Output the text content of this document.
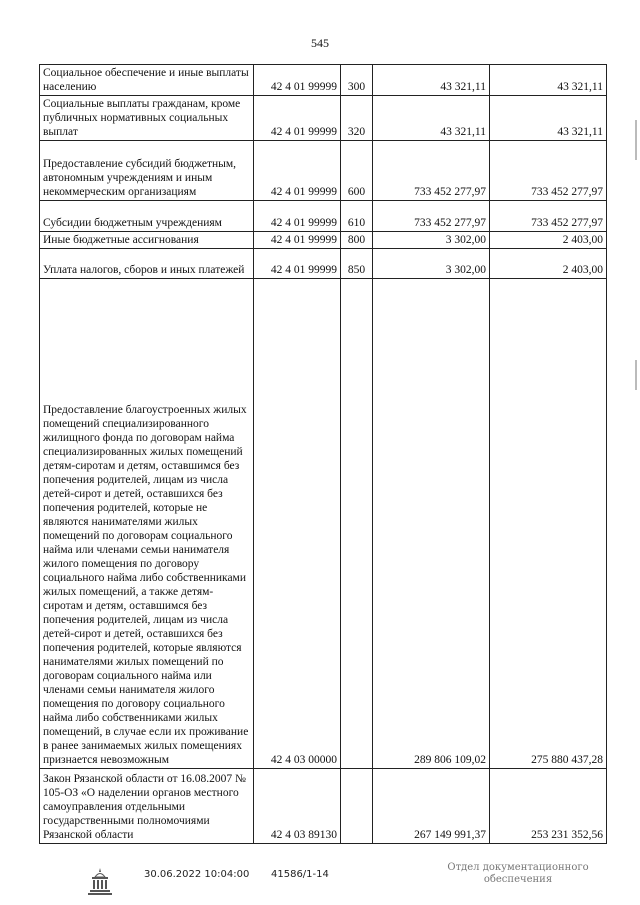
545
Социальное обеспечение и иные выплаты населению	42 4 01 99999	300	43 321,11	43 321,11
Социальные выплаты гражданам, кроме публичных нормативных социальных выплат	42 4 01 99999	320	43 321,11	43 321,11
Предоставление субсидий бюджетным, автономным учреждениям и иным некоммерческим организациям	42 4 01 99999	600	733 452 277,97	733 452 277,97
Субсидии бюджетным учреждениям	42 4 01 99999	610	733 452 277,97	733 452 277,97
Иные бюджетные ассигнования	42 4 01 99999	800	3 302,00	2 403,00
Уплата налогов, сборов и иных платежей	42 4 01 99999	850	3 302,00	2 403,00
Предоставление благоустроенных жилых помещений специализированного жилищного фонда по договорам найма специализированных жилых помещений детям-сиротам и детям, оставшимся без попечения родителей, лицам из числа детей-сирот и детей, оставшихся без попечения родителей, которые не являются нанимателями жилых помещений по договорам социального найма или членами семьи нанимателя жилого помещения по договору социального найма либо собственниками жилых помещений, а также детям-сиротам и детям, оставшимся без попечения родителей, лицам из числа детей-сирот и детей, оставшихся без попечения родителей, которые являются нанимателями жилых помещений по договорам социального найма или членами семьи нанимателя жилого помещения по договору социального найма либо собственниками жилых помещений, в случае если их проживание в ранее занимаемых жилых помещениях признается невозможным	42 4 03 00000		289 806 109,02	275 880 437,28
Закон Рязанской области от 16.08.2007 № 105-ОЗ «О наделении органов местного самоуправления отдельными государственными полномочиями Рязанской области	42 4 03 89130		267 149 991,37	253 231 352,56
30.06.2022 10:04:00 41586/1-14
Отдел документационного
обеспечения
